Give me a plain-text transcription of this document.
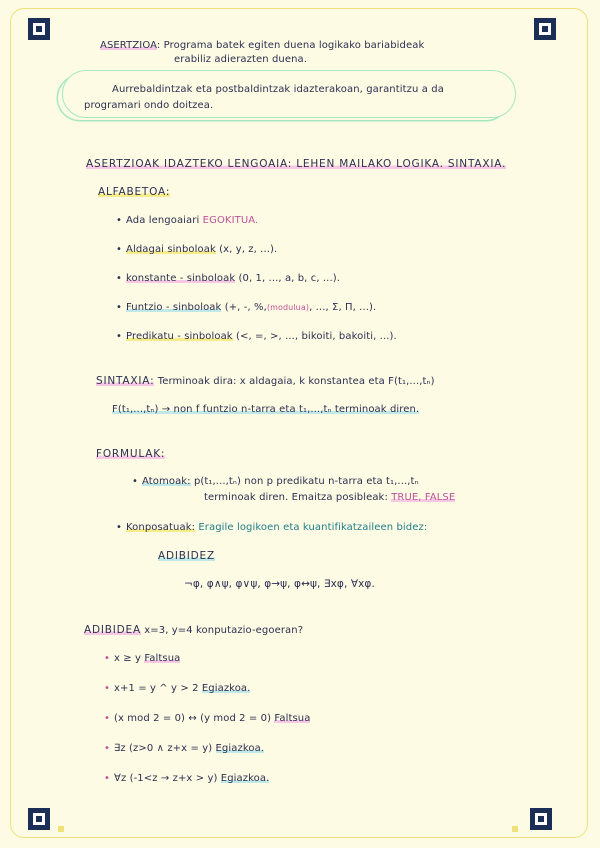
ASERTZIOA: Programa batek egiten duena logikako bariabideak
erabiliz adierazten duena.
Aurrebaldintzak eta postbaldintzak idazterakoan, garantitzu a da
programari ondo doitzea.
ASERTZIOAK IDAZTEKO LENGOAIA: LEHEN MAILAKO LOGIKA. SINTAXIA.
ALFABETOA:
• Ada lengoaiari EGOKITUA.
• Aldagai sinboloak (x, y, z, ...).
• konstante - sinboloak (0, 1, ..., a, b, c, ...).
• Funtzio - sinboloak (+, -, %,(modulua), ..., Σ, Π, ...).
• Predikatu - sinboloak (<, =, >, ..., bikoiti, bakoiti, ...).
SINTAXIA: Terminoak dira: x aldagaia, k konstantea eta F(t₁,...,tₙ)
F(t₁,...,tₙ) → non f funtzio n-tarra eta t₁,...,tₙ terminoak diren.
FORMULAK:
• Atomoak: p(t₁,...,tₙ) non p predikatu n-tarra eta t₁,...,tₙ
terminoak diren. Emaitza posibleak: TRUE, FALSE
• Konposatuak: Eragile logikoen eta kuantifikatzaileen bidez:
ADIBIDEZ
¬φ, φ∧ψ, φ∨ψ, φ→ψ, φ↔ψ, ∃xφ, ∀xφ.
ADIBIDEA x=3, y=4 konputazio-egoeran?
• x ≥ y Faltsua
• x+1 = y ^ y > 2 Egiazkoa.
• (x mod 2 = 0) ↔ (y mod 2 = 0) Faltsua
• ∃z (z>0 ∧ z+x = y) Egiazkoa.
• ∀z (-1<z → z+x > y) Egiazkoa.
